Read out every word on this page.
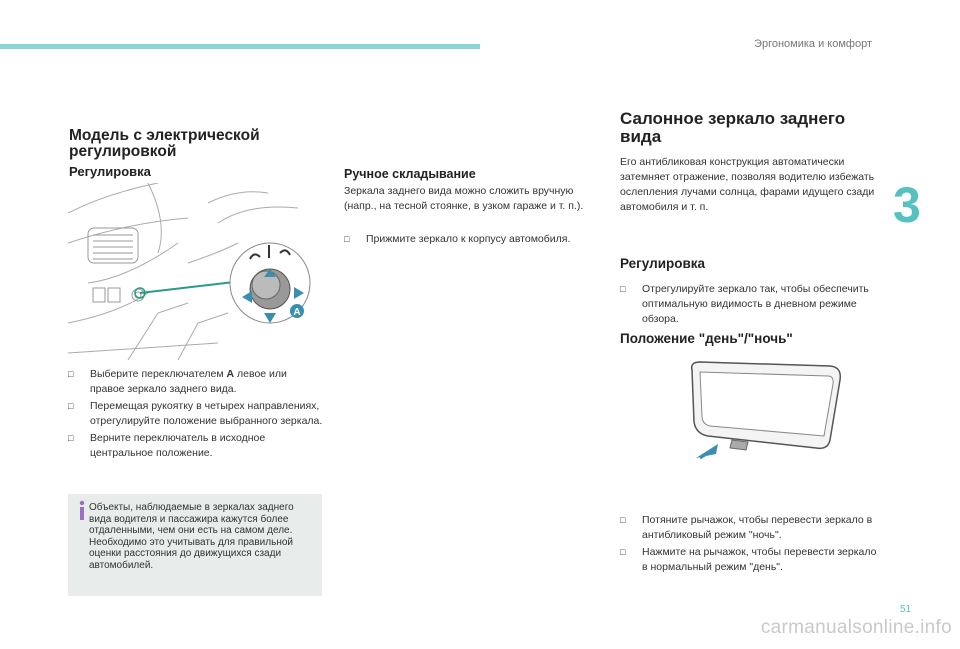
Эргономика и комфорт
3
Модель с электрической регулировкой
Регулировка
A
□ Выберите переключателем A левое или правое зеркало заднего вида.
□ Перемещая рукоятку в четырех направлениях, отрегулируйте положение выбранного зеркала.
□ Верните переключатель в исходное центральное положение.

Объекты, наблюдаемые в зеркалах заднего вида водителя и пассажира кажутся более отдаленными, чем они есть на самом деле.

Необходимо это учитывать для правильной оценки расстояния до движущихся сзади автомобилей.

Ручное складывание
Зеркала заднего вида можно сложить вручную (напр., на тесной стоянке, в узком гараже и т. п.).
□ Прижмите зеркало к корпусу автомобиля.
Салонное зеркало заднего вида
Его антибликовая конструкция автоматически затемняет отражение, позволяя водителю избежать ослепления лучами солнца, фарами идущего сзади автомобиля и т. п.
Регулировка
□ Отрегулируйте зеркало так, чтобы обеспечить оптимальную видимость в дневном режиме обзора.
Положение "день"/"ночь"
□ Потяните рычажок, чтобы перевести зеркало в антибликовый режим "ночь".
□ Нажмите на рычажок, чтобы перевести зеркало в нормальный режим "день".
51
carmanualsonline.info
